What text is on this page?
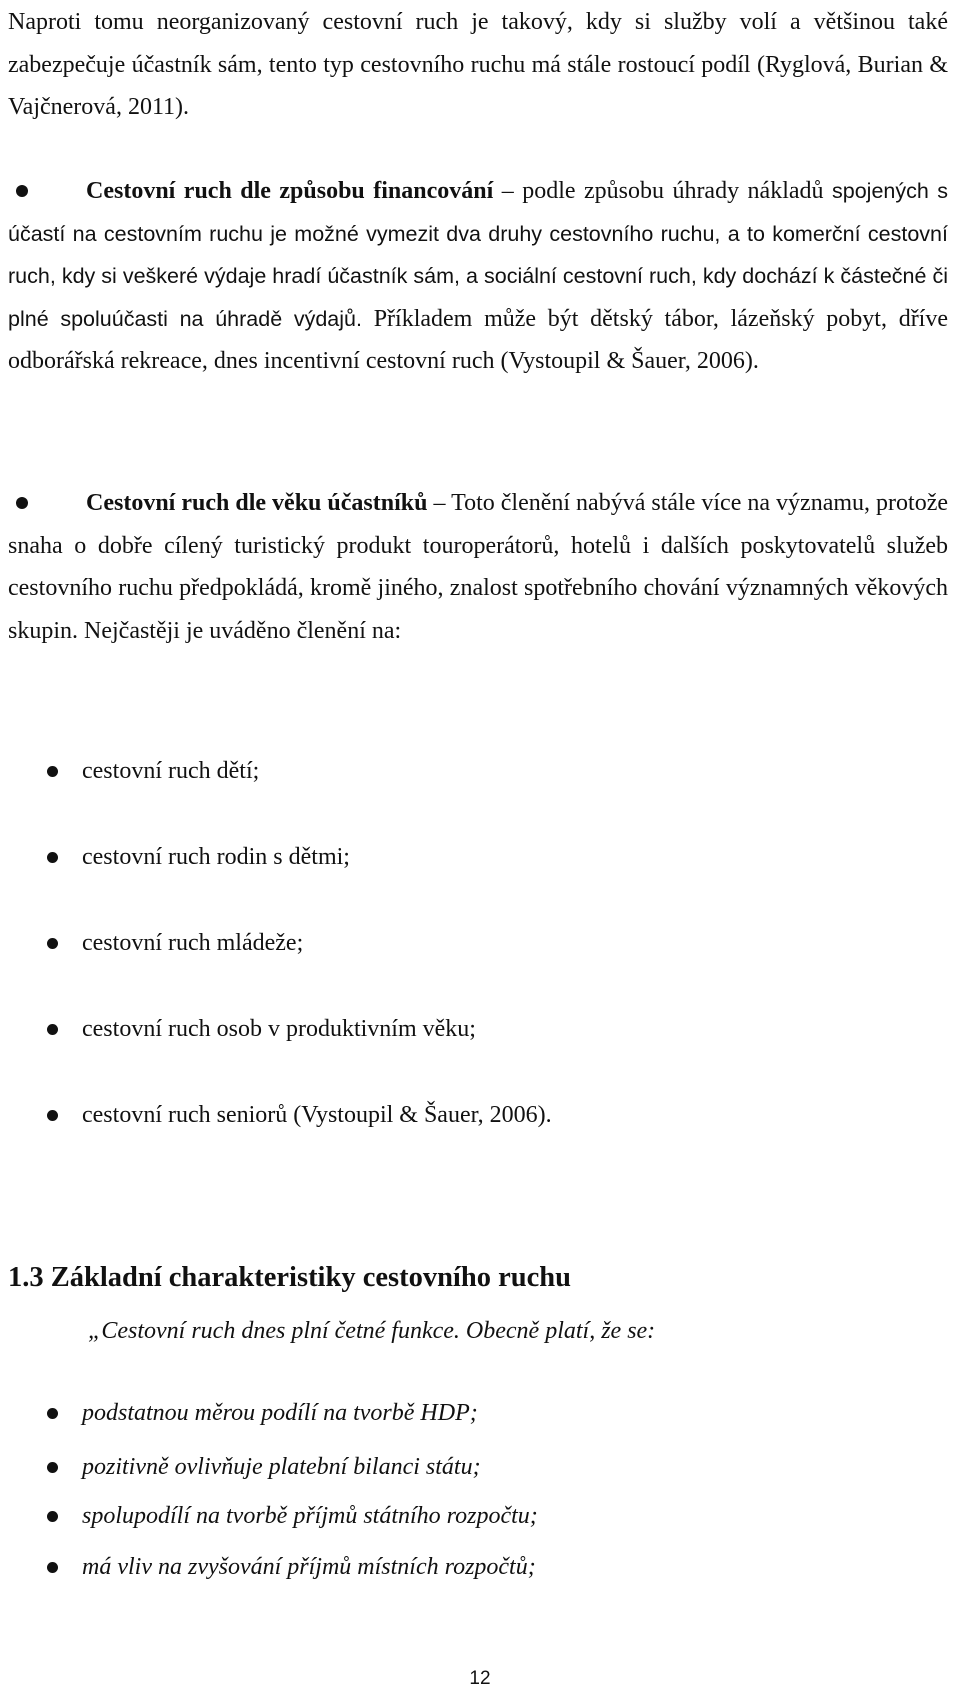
Naproti tomu neorganizovaný cestovní ruch je takový, kdy si služby volí a většinou také zabezpečuje účastník sám, tento typ cestovního ruchu má stále rostoucí podíl (Ryglová, Burian & Vajčnerová, 2011).

Cestovní ruch dle způsobu financování – podle způsobu úhrady nákladů spojených s účastí na cestovním ruchu je možné vymezit dva druhy cestovního ruchu, a to komerční cestovní ruch, kdy si veškeré výdaje hradí účastník sám, a sociální cestovní ruch, kdy dochází k částečné či plné spoluúčasti na úhradě výdajů. Příkladem může být dětský tábor, lázeňský pobyt, dříve odborářská rekreace, dnes incentivní cestovní ruch (Vystoupil & Šauer, 2006).

Cestovní ruch dle věku účastníků – Toto členění nabývá stále více na významu, protože snaha o dobře cílený turistický produkt touroperátorů, hotelů i dalších poskytovatelů služeb cestovního ruchu předpokládá, kromě jiného, znalost spotřebního chování významných věkových skupin. Nejčastěji je uváděno členění na:

cestovní ruch dětí;
cestovní ruch rodin s dětmi;
cestovní ruch mládeže;
cestovní ruch osob v produktivním věku;
cestovní ruch seniorů (Vystoupil & Šauer, 2006).
1.3 Základní charakteristiky cestovního ruchu
„Cestovní ruch dnes plní četné funkce. Obecně platí, že se:
podstatnou měrou podílí na tvorbě HDP;
pozitivně ovlivňuje platební bilanci státu;
spolupodílí na tvorbě příjmů státního rozpočtu;
má vliv na zvyšování příjmů místních rozpočtů;
12
